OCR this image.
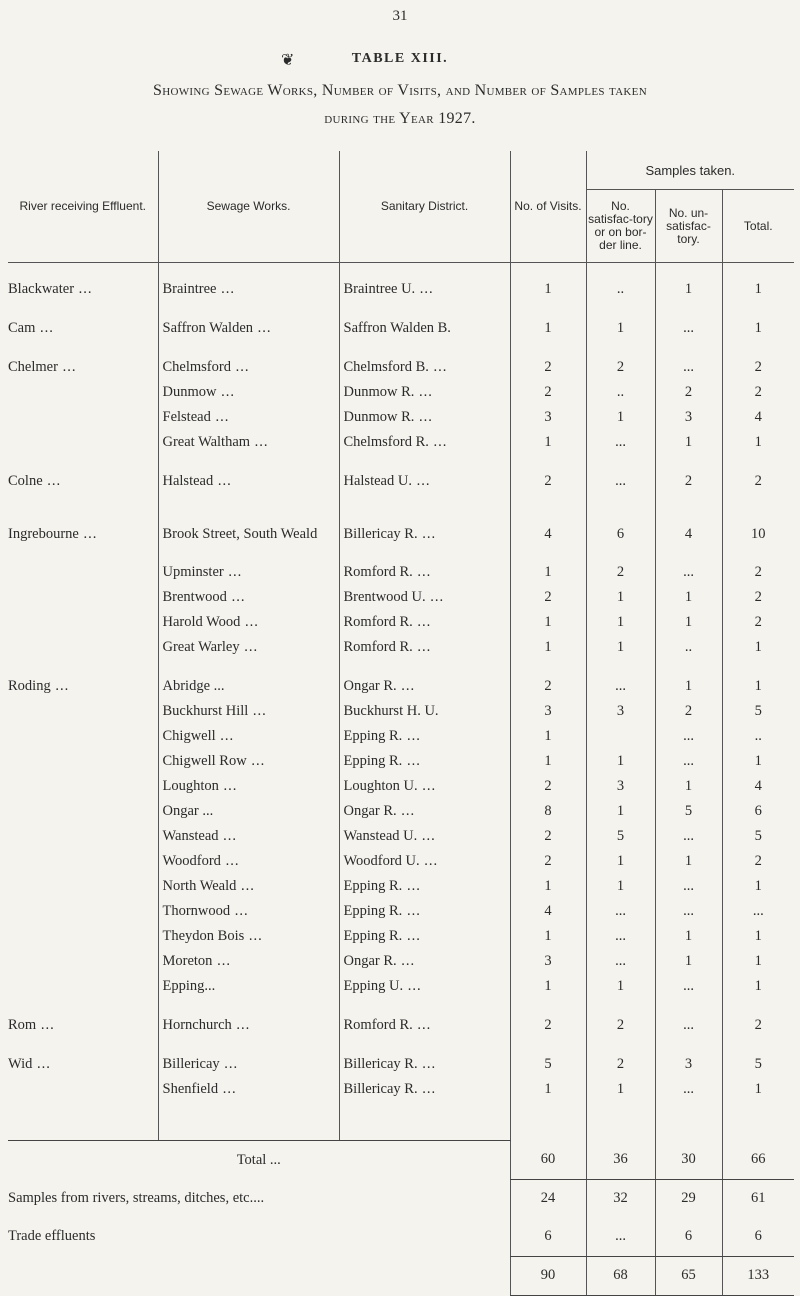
31
❦	TABLE XIII.
Showing Sewage Works, Number of Visits, and Number of Samples taken
during the Year 1927.
River receiving Effluent.	Sewage Works.	Sanitary District.	No. of Visits.	Samples taken.		
				No. satisfac-tory or on bor-der line.	No. un-satisfac-tory.	Total.

Blackwater ...	Braintree ...	Braintree U. ...	1	..	1	1

Cam ...	Saffron Walden ...	Saffron Walden B.	1	1	...	1

Chelmer ...	Chelmsford ...	Chelmsford B. ...	2	2	...	2
	Dunmow ...	Dunmow R. ...	2	..	2	2
	Felstead ...	Dunmow R. ...	3	1	3	4
	Great Waltham ...	Chelmsford R. ...	1	...	1	1

Colne ...	Halstead ...	Halstead U. ...	2	...	2	2

Ingrebourne ...	Brook Street, South Weald	Billericay R. ...	4	6	4	10
	Upminster ...	Romford R. ...	1	2	...	2
	Brentwood ...	Brentwood U. ...	2	1	1	2
	Harold Wood ...	Romford R. ...	1	1	1	2
	Great Warley ...	Romford R. ...	1	1	..	1

Roding ...	Abridge ...	Ongar R. ...	2	...	1	1
	Buckhurst Hill ...	Buckhurst H. U.	3	3	2	5
	Chigwell ...	Epping R. ...	1		...	..
	Chigwell Row ...	Epping R. ...	1	1	...	1
	Loughton ...	Loughton U. ...	2	3	1	4
	Ongar ...	Ongar R. ...	8	1	5	6
	Wanstead ...	Wanstead U. ...	2	5	...	5
	Woodford ...	Woodford U. ...	2	1	1	2
	North Weald ...	Epping R. ...	1	1	...	1
	Thornwood ...	Epping R. ...	4	...	...	...
	Theydon Bois ...	Epping R. ...	1	...	1	1
	Moreton ...	Ongar R. ...	3	...	1	1
	Epping...	Epping U. ...	1	1	...	1

Rom ...	Hornchurch ...	Romford R. ...	2	2	...	2

Wid ...	Billericay ...	Billericay R. ...	5	2	3	5
	Shenfield ...	Billericay R. ...	1	1	...	1

Total ...			60	36	30	66
Samples from rivers, streams, ditches, etc....			24	32	29	61
Trade effluents			6	...	6	6
			90	68	65	133
